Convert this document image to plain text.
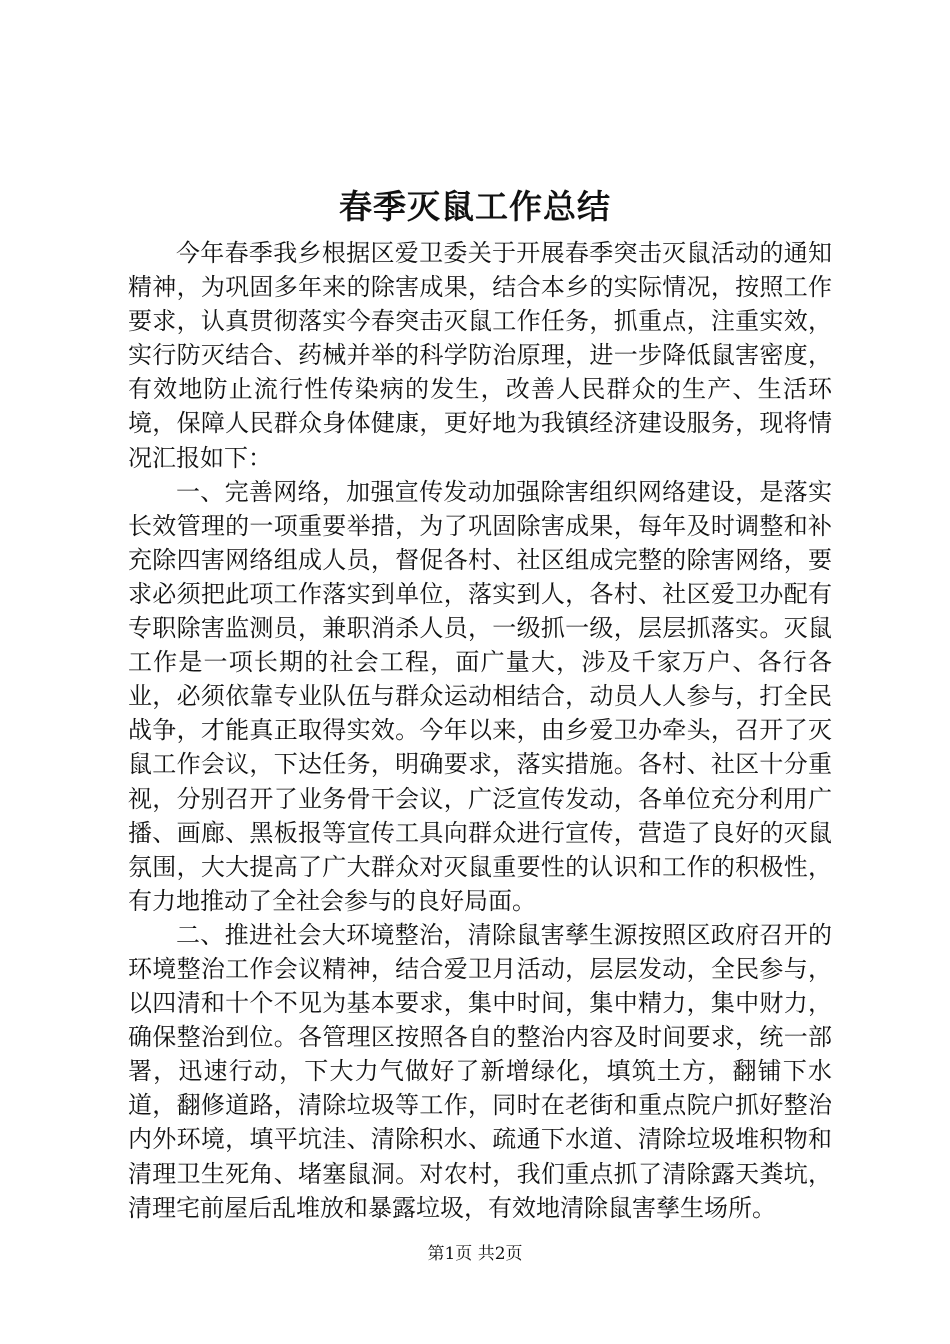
春季灭鼠工作总结

今年春季我乡根据区爱卫委关于开展春季突击灭鼠活动的通知精神，为巩固多年来的除害成果，结合本乡的实际情况，按照工作要求，认真贯彻落实今春突击灭鼠工作任务，抓重点，注重实效，实行防灭结合、药械并举的科学防治原理，进一步降低鼠害密度，有效地防止流行性传染病的发生，改善人民群众的生产、生活环境，保障人民群众身体健康，更好地为我镇经济建设服务，现将情况汇报如下：

一、完善网络，加强宣传发动加强除害组织网络建设，是落实长效管理的一项重要举措，为了巩固除害成果，每年及时调整和补充除四害网络组成人员，督促各村、社区组成完整的除害网络，要求必须把此项工作落实到单位，落实到人，各村、社区爱卫办配有专职除害监测员，兼职消杀人员，一级抓一级，层层抓落实。灭鼠工作是一项长期的社会工程，面广量大，涉及千家万户、各行各业，必须依靠专业队伍与群众运动相结合，动员人人参与，打全民战争，才能真正取得实效。今年以来，由乡爱卫办牵头，召开了灭鼠工作会议，下达任务，明确要求，落实措施。各村、社区十分重视，分别召开了业务骨干会议，广泛宣传发动，各单位充分利用广播、画廊、黑板报等宣传工具向群众进行宣传，营造了良好的灭鼠氛围，大大提高了广大群众对灭鼠重要性的认识和工作的积极性，有力地推动了全社会参与的良好局面。

二、推进社会大环境整治，清除鼠害孳生源按照区政府召开的环境整治工作会议精神，结合爱卫月活动，层层发动，全民参与，以四清和十个不见为基本要求，集中时间，集中精力，集中财力，确保整治到位。各管理区按照各自的整治内容及时间要求，统一部署，迅速行动，下大力气做好了新增绿化，填筑土方，翻铺下水道，翻修道路，清除垃圾等工作，同时在老街和重点院户抓好整治内外环境，填平坑洼、清除积水、疏通下水道、清除垃圾堆积物和清理卫生死角、堵塞鼠洞。对农村，我们重点抓了清除露天粪坑，清理宅前屋后乱堆放和暴露垃圾，有效地清除鼠害孳生场所。

第1页 共2页
